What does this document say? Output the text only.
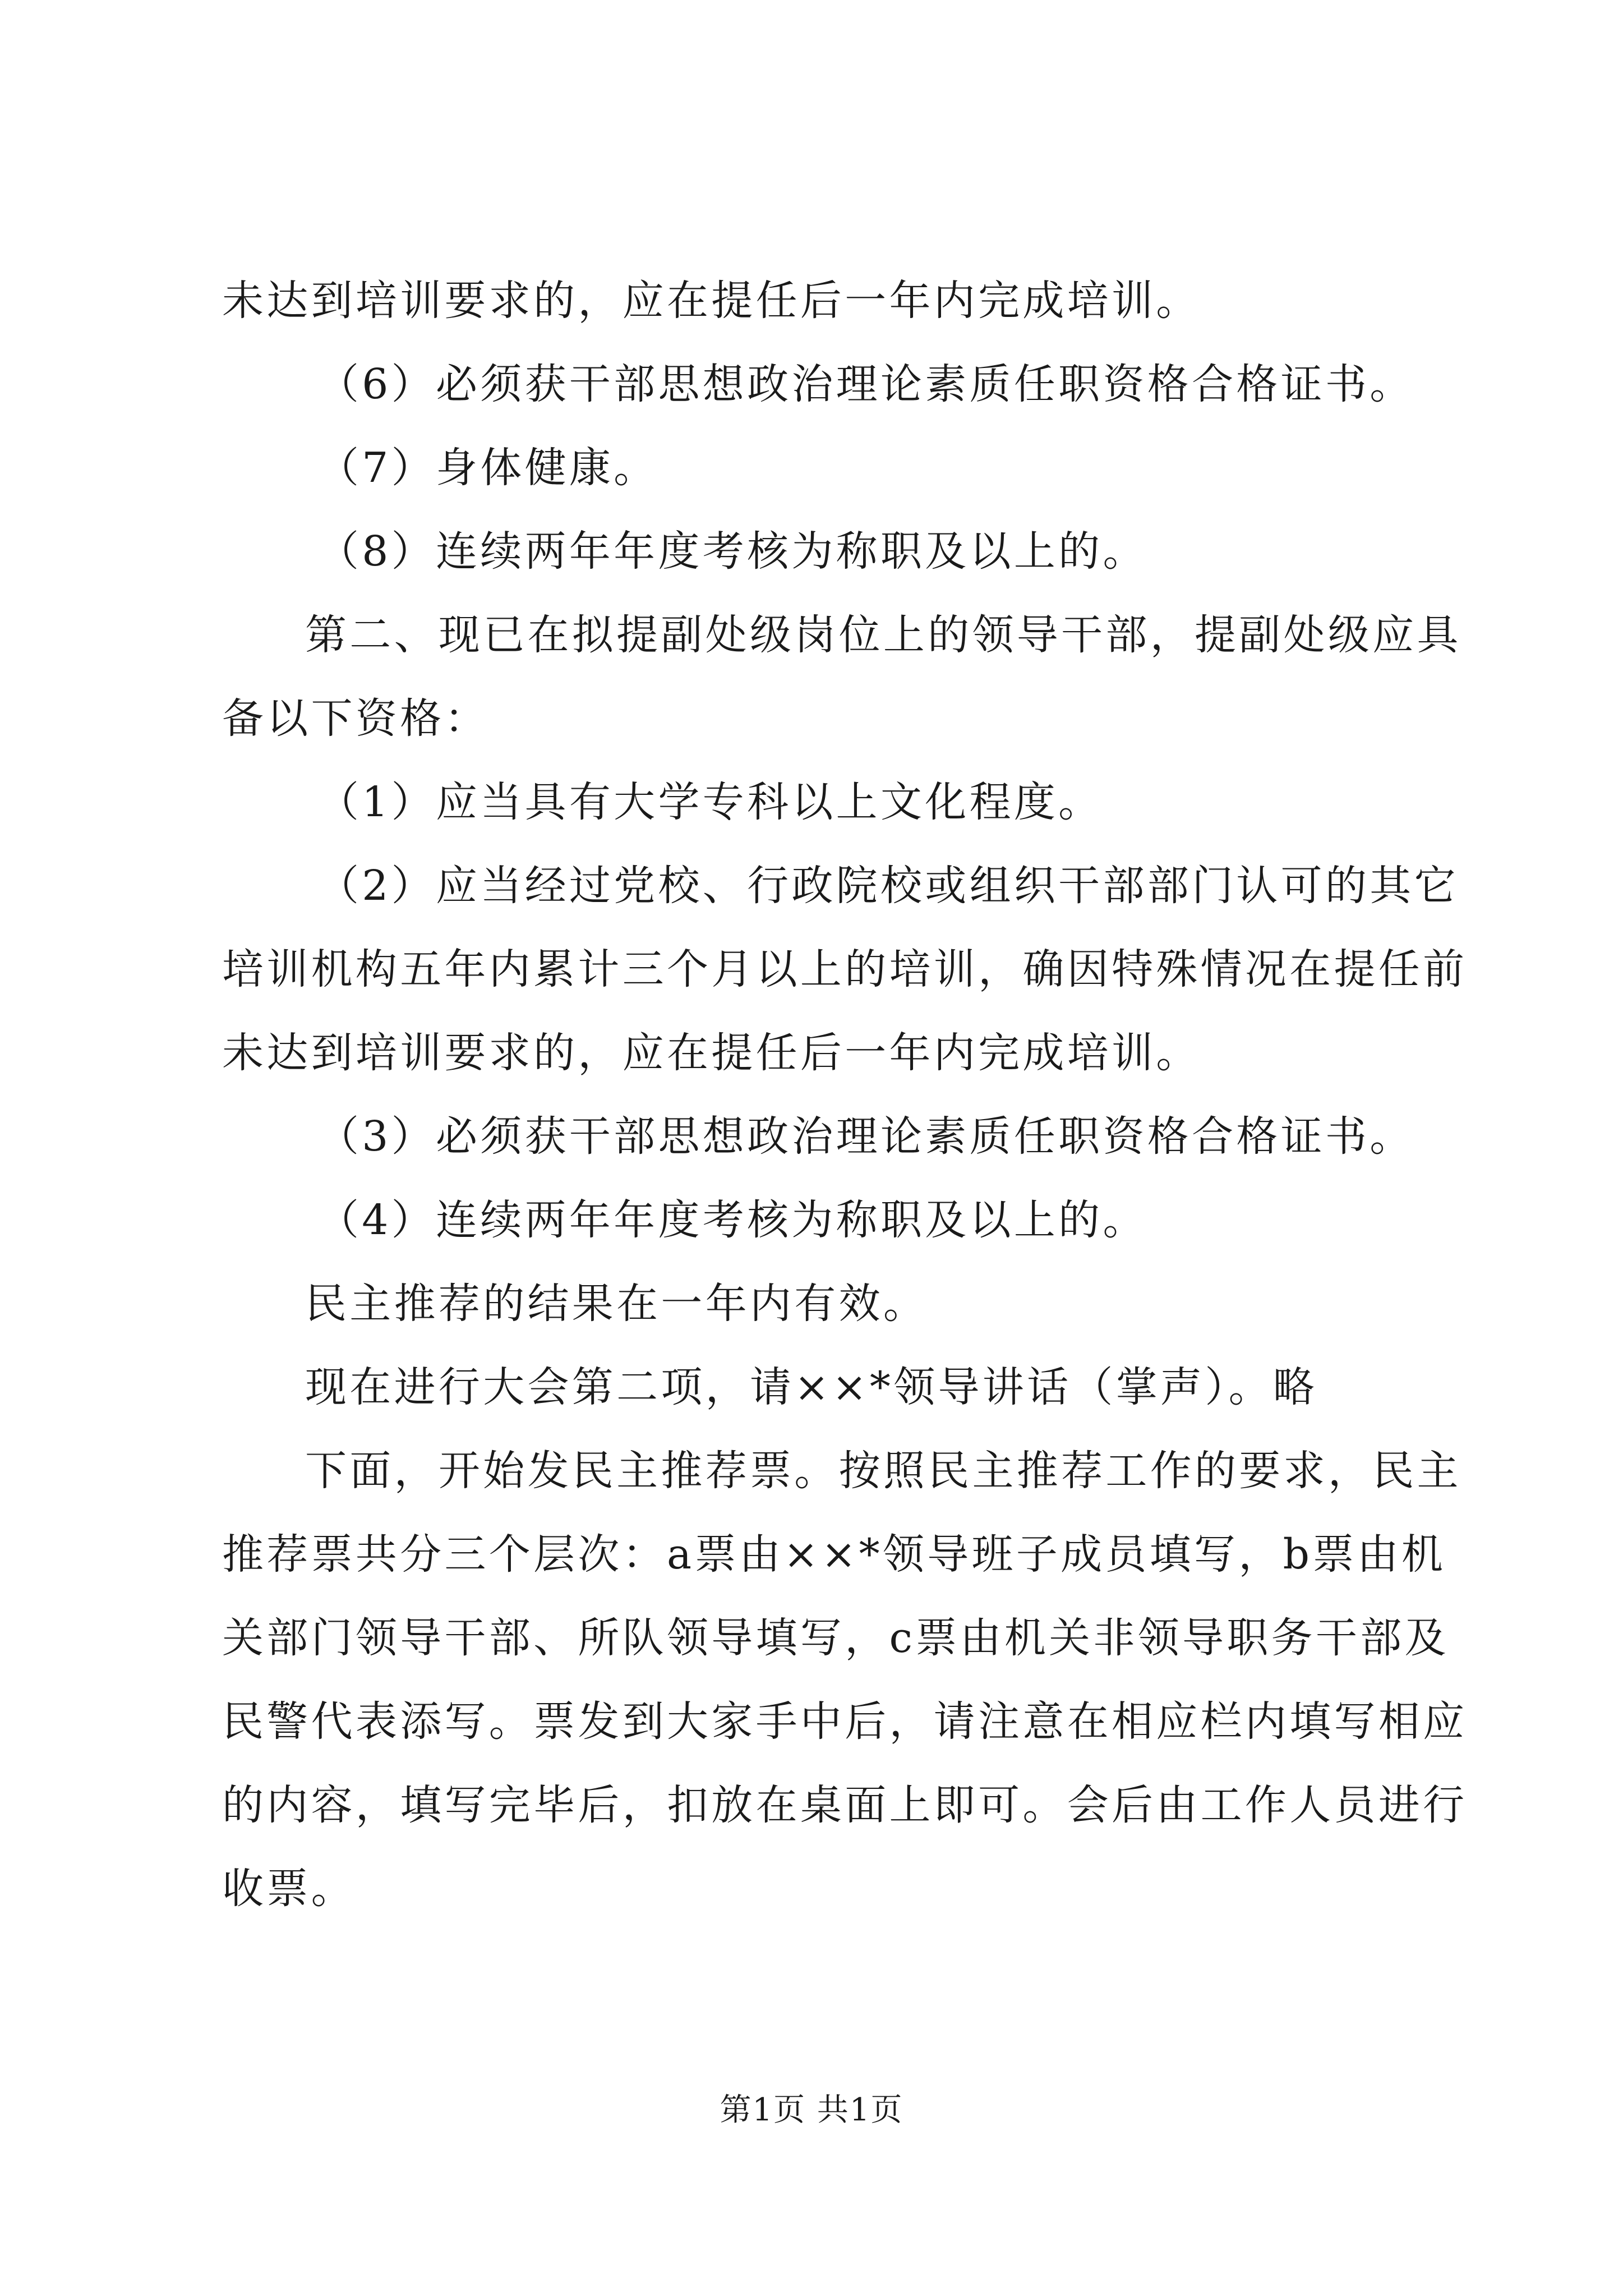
未达到培训要求的，应在提任后一年内完成培训。
（6）必须获干部思想政治理论素质任职资格合格证书。
（7）身体健康。
（8）连续两年年度考核为称职及以上的。
第二、现已在拟提副处级岗位上的领导干部，提副处级应具
备以下资格：
（1）应当具有大学专科以上文化程度。
（2）应当经过党校、行政院校或组织干部部门认可的其它
培训机构五年内累计三个月以上的培训，确因特殊情况在提任前
未达到培训要求的，应在提任后一年内完成培训。
（3）必须获干部思想政治理论素质任职资格合格证书。
（4）连续两年年度考核为称职及以上的。
民主推荐的结果在一年内有效。
现在进行大会第二项，请××*领导讲话（掌声）。略
下面，开始发民主推荐票。按照民主推荐工作的要求，民主
推荐票共分三个层次：a票由××*领导班子成员填写，b票由机
关部门领导干部、所队领导填写，c票由机关非领导职务干部及
民警代表添写。票发到大家手中后，请注意在相应栏内填写相应
的内容，填写完毕后，扣放在桌面上即可。会后由工作人员进行
收票。
第1页 共1页
